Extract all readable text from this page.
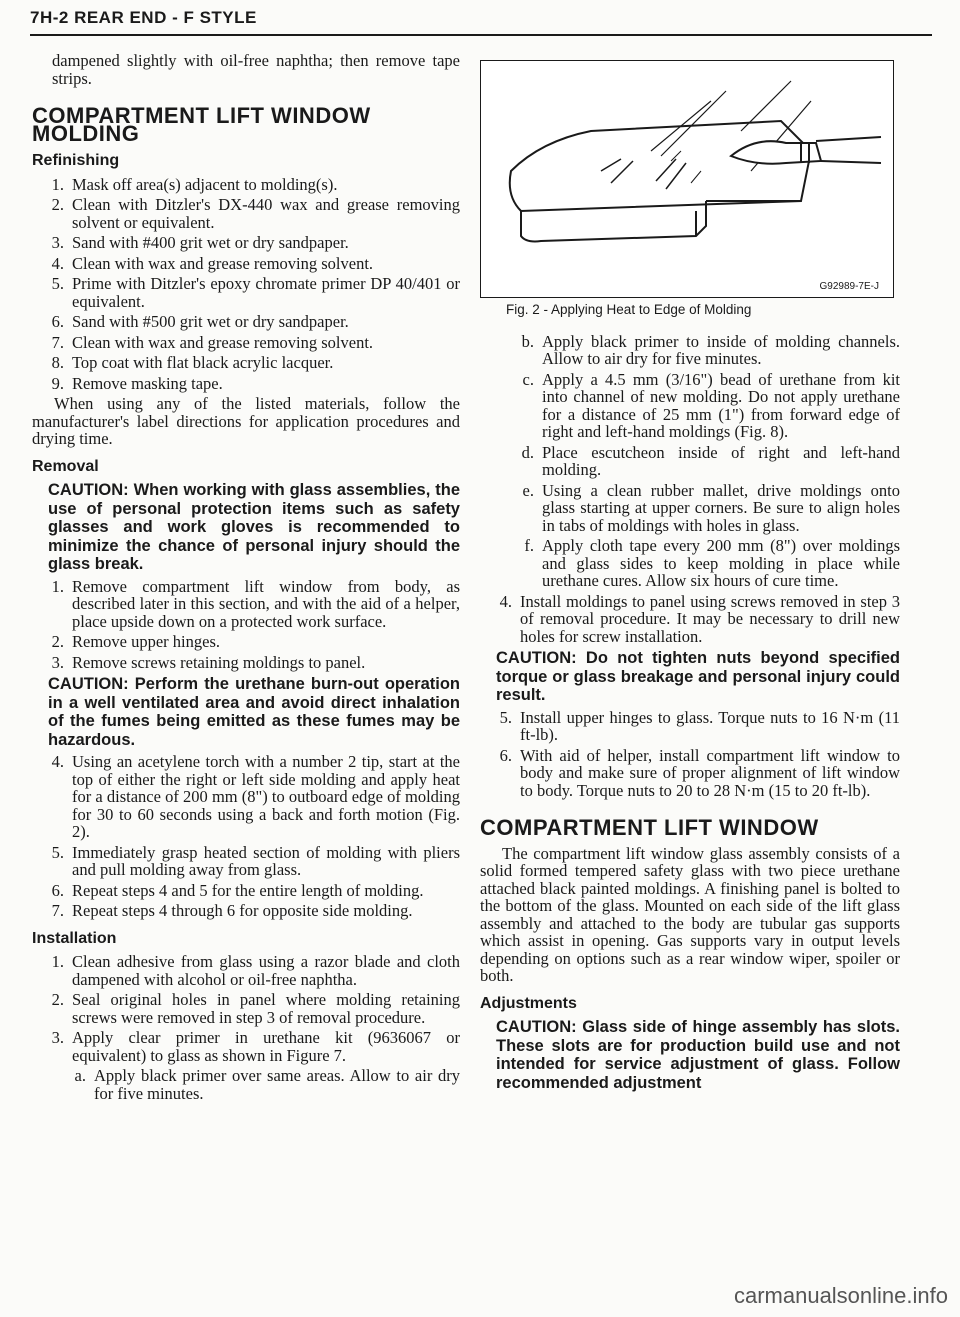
7H-2 REAR END - F STYLE
dampened slightly with oil-free naphtha; then remove tape strips.
COMPARTMENT LIFT WINDOW MOLDING
Refinishing
1. Mask off area(s) adjacent to molding(s).
2. Clean with Ditzler's DX-440 wax and grease removing solvent or equivalent.
3. Sand with #400 grit wet or dry sandpaper.
4. Clean with wax and grease removing solvent.
5. Prime with Ditzler's epoxy chromate primer DP 40/401 or equivalent.
6. Sand with #500 grit wet or dry sandpaper.
7. Clean with wax and grease removing solvent.
8. Top coat with flat black acrylic lacquer.
9. Remove masking tape.
When using any of the listed materials, follow the manufacturer's label directions for application procedures and drying time.
Removal
CAUTION: When working with glass assemblies, the use of personal protection items such as safety glasses and work gloves is recommended to minimize the chance of personal injury should the glass break.
1. Remove compartment lift window from body, as described later in this section, and with the aid of a helper, place upside down on a protected work surface.
2. Remove upper hinges.
3. Remove screws retaining moldings to panel.
CAUTION: Perform the urethane burn-out operation in a well ventilated area and avoid direct inhalation of the fumes being emitted as these fumes may be hazardous.
4. Using an acetylene torch with a number 2 tip, start at the top of either the right or left side molding and apply heat for a distance of 200 mm (8") to outboard edge of molding for 30 to 60 seconds using a back and forth motion (Fig. 2).
5. Immediately grasp heated section of molding with pliers and pull molding away from glass.
6. Repeat steps 4 and 5 for the entire length of molding.
7. Repeat steps 4 through 6 for opposite side molding.
Installation
1. Clean adhesive from glass using a razor blade and cloth dampened with alcohol or oil-free naphtha.
2. Seal original holes in panel where molding retaining screws were removed in step 3 of removal procedure.
3. Apply clear primer in urethane kit (9636067 or equivalent) to glass as shown in Figure 7.
a. Apply black primer over same areas. Allow to air dry for five minutes.
G92989-7E-J
Fig. 2 - Applying Heat to Edge of Molding
b. Apply black primer to inside of molding channels. Allow to air dry for five minutes.
c. Apply a 4.5 mm (3/16") bead of urethane from kit into channel of new molding. Do not apply urethane for a distance of 25 mm (1") from forward edge of right and left-hand moldings (Fig. 8).
d. Place escutcheon inside of right and left-hand molding.
e. Using a clean rubber mallet, drive moldings onto glass starting at upper corners. Be sure to align holes in tabs of moldings with holes in glass.
f. Apply cloth tape every 200 mm (8") over moldings and glass sides to keep molding in place while urethane cures. Allow six hours of cure time.
4. Install moldings to panel using screws removed in step 3 of removal procedure. It may be necessary to drill new holes for screw installation.
CAUTION: Do not tighten nuts beyond specified torque or glass breakage and personal injury could result.
5. Install upper hinges to glass. Torque nuts to 16 N·m (11 ft-lb).
6. With aid of helper, install compartment lift window to body and make sure of proper alignment of lift window to body. Torque nuts to 20 to 28 N·m (15 to 20 ft-lb).
COMPARTMENT LIFT WINDOW
The compartment lift window glass assembly consists of a solid formed tempered safety glass with two piece urethane attached black painted moldings. A finishing panel is bolted to the bottom of the glass. Mounted on each side of the lift glass assembly and attached to the body are tubular gas supports which assist in opening. Gas supports vary in output levels depending on options such as a rear window wiper, spoiler or both.
Adjustments
CAUTION: Glass side of hinge assembly has slots. These slots are for production build use and not intended for service adjustment of glass. Follow recommended adjustment
carmanualsonline.info
